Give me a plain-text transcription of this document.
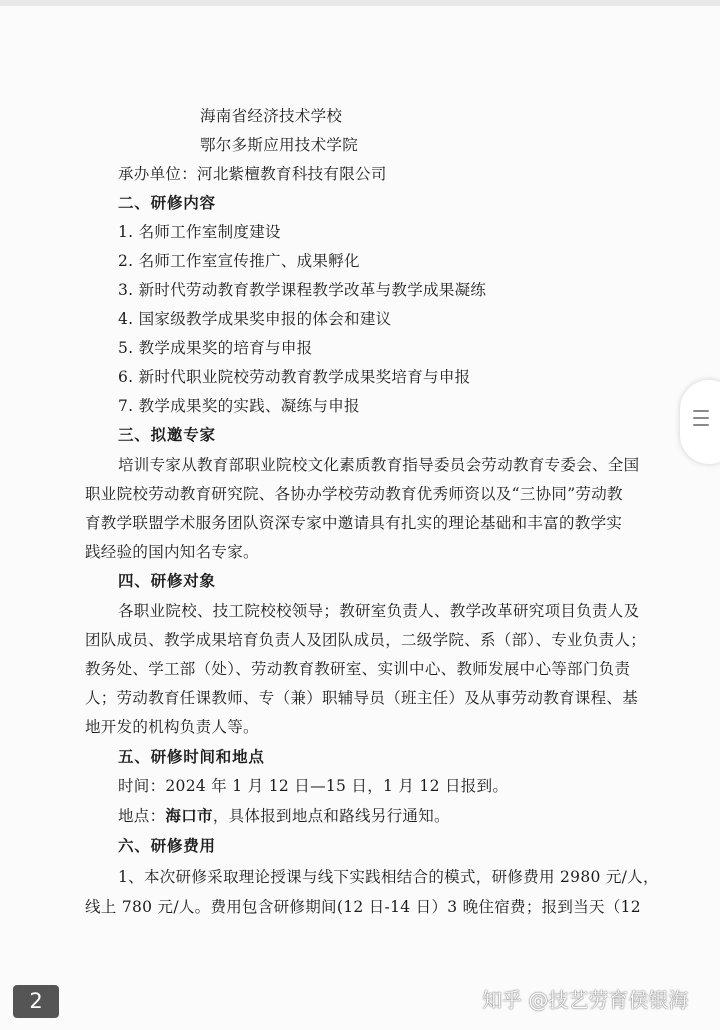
海南省经济技术学校
鄂尔多斯应用技术学院
承办单位：河北紫檀教育科技有限公司
二、研修内容
1. 名师工作室制度建设
2. 名师工作室宣传推广、成果孵化
3. 新时代劳动教育教学课程教学改革与教学成果凝练
4. 国家级教学成果奖申报的体会和建议
5. 教学成果奖的培育与申报
6. 新时代职业院校劳动教育教学成果奖培育与申报
7. 教学成果奖的实践、凝练与申报
三、拟邀专家
培训专家从教育部职业院校文化素质教育指导委员会劳动教育专委会、全国
职业院校劳动教育研究院、各协办学校劳动教育优秀师资以及“三协同”劳动教
育教学联盟学术服务团队资深专家中邀请具有扎实的理论基础和丰富的教学实
践经验的国内知名专家。
四、研修对象
各职业院校、技工院校校领导；教研室负责人、教学改革研究项目负责人及
团队成员、教学成果培育负责人及团队成员，二级学院、系（部）、专业负责人；
教务处、学工部（处）、劳动教育教研室、实训中心、教师发展中心等部门负责
人；劳动教育任课教师、专（兼）职辅导员（班主任）及从事劳动教育课程、基
地开发的机构负责人等。
五、研修时间和地点
时间：2024 年 1 月 12 日—15 日，1 月 12 日报到。
地点：海口市，具体报到地点和路线另行通知。
六、研修费用
1、本次研修采取理论授课与线下实践相结合的模式，研修费用 2980 元/人，
线上 780 元/人。费用包含研修期间(12 日-14 日）3 晚住宿费；报到当天（12
2	知乎 @技艺劳育侯银海
